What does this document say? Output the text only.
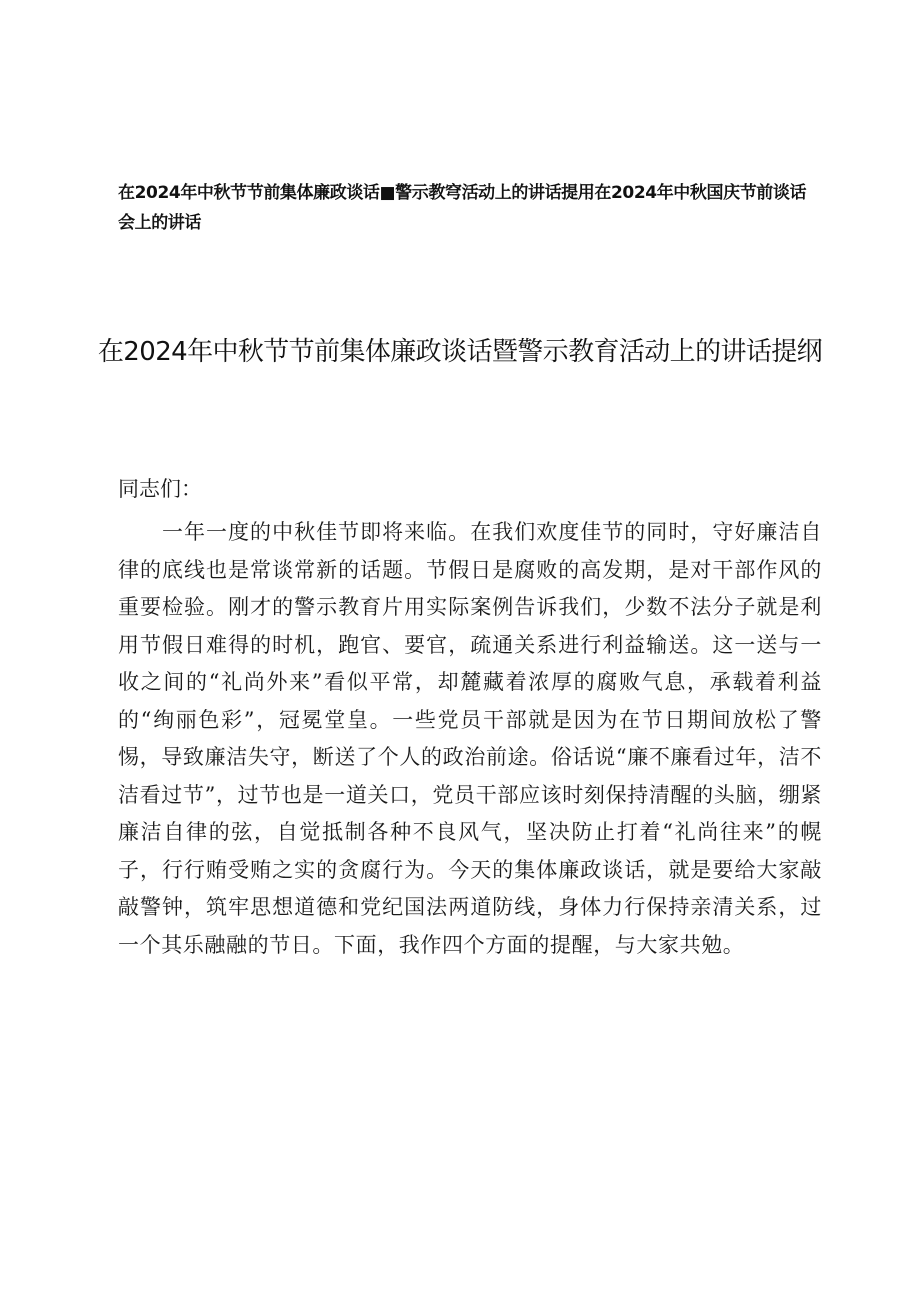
在2024年中秋节节前集体廉政谈话■警示教穹活动上的讲话提用在2024年中秋国庆节前谈话会上的讲话

在2024年中秋节节前集体廉政谈话暨警示教育活动上的讲话提纲

同志们：

一年一度的中秋佳节即将来临。在我们欢度佳节的同时，守好廉洁自律的底线也是常谈常新的话题。节假日是腐败的高发期，是对干部作风的重要检验。刚才的警示教育片用实际案例告诉我们，少数不法分子就是利用节假日难得的时机，跑官、要官，疏通关系进行利益输送。这一送与一收之间的“礼尚外来”看似平常，却麓藏着浓厚的腐败气息，承载着利益的“绚丽色彩”，冠冕堂皇。一些党员干部就是因为在节日期间放松了警惕，导致廉洁失守，断送了个人的政治前途。俗话说“廉不廉看过年，洁不洁看过节”，过节也是一道关口，党员干部应该时刻保持清醒的头脑，绷紧廉洁自律的弦，自觉抵制各种不良风气，坚决防止打着“礼尚往来”的幌子，行行贿受贿之实的贪腐行为。今天的集体廉政谈话，就是要给大家敲敲警钟，筑牢思想道德和党纪国法两道防线，身体力行保持亲清关系，过一个其乐融融的节日。下面，我作四个方面的提醒，与大家共勉。
